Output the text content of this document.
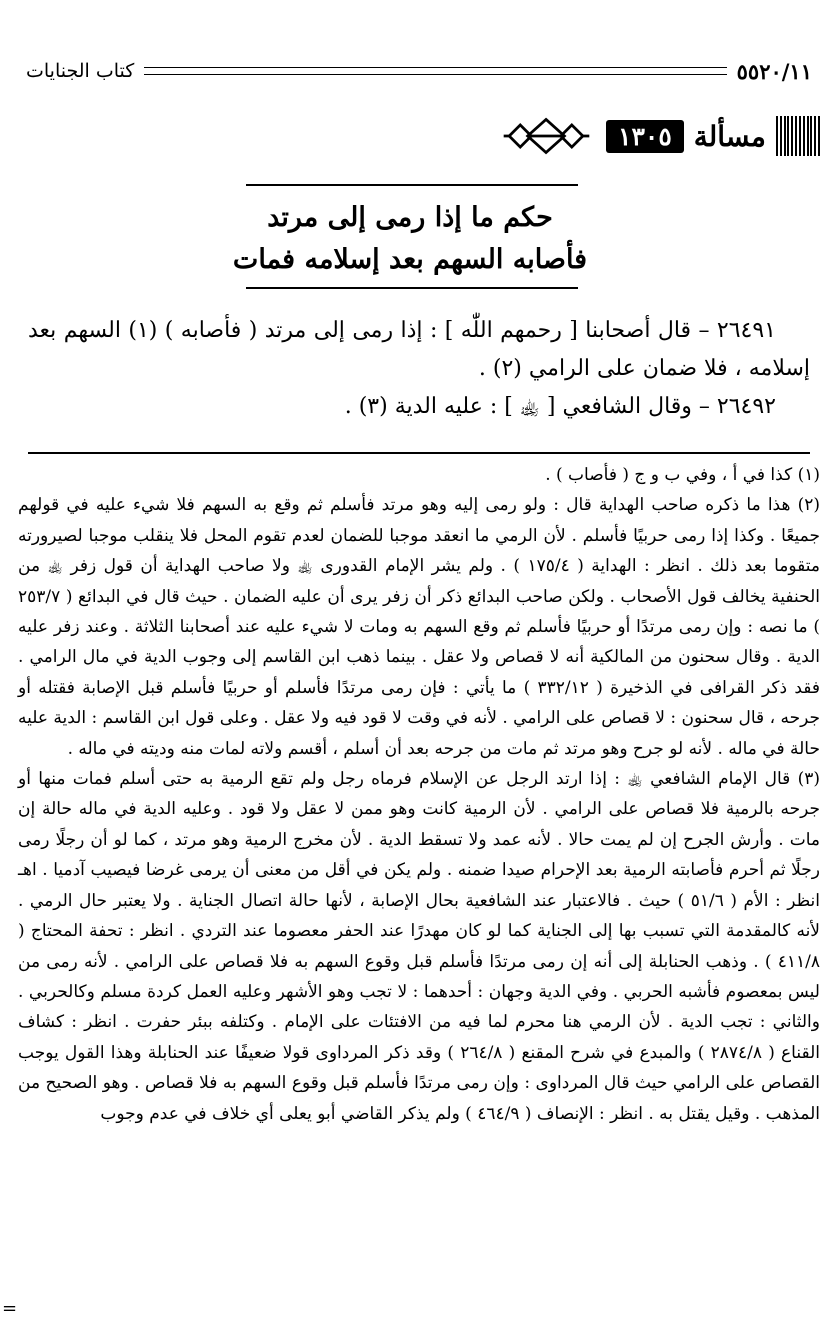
٥٥٢٠/١١
كتاب الجنايات
مسألة
١٣٠٥
حكم ما إذا رمى إلى مرتد
فأصابه السهم بعد إسلامه فمات

٢٦٤٩١ – قال أصحابنا [ رحمهم اللّٰه ] : إذا رمى إلى مرتد ( فأصابه ) (١) السهم بعد إسلامه ، فلا ضمان على الرامي (٢) .

٢٦٤٩٢ – وقال الشافعي [ ﵀ ] : عليه الدية (٣) .

(١) كذا في أ ، وفي ب و ج ( فأصاب ) .

(٢) هذا ما ذكره صاحب الهداية قال : ولو رمى إليه وهو مرتد فأسلم ثم وقع به السهم فلا شيء عليه في قولهم جميعًا . وكذا إذا رمى حربيًا فأسلم . لأن الرمي ما انعقد موجبا للضمان لعدم تقوم المحل فلا ينقلب موجبا لصيرورته متقوما بعد ذلك . انظر : الهداية ( ١٧٥/٤ ) . ولم يشر الإمام القدورى ﵀ ولا صاحب الهداية أن قول زفر ﵀ من الحنفية يخالف قول الأصحاب . ولكن صاحب البدائع ذكر أن زفر يرى أن عليه الضمان . حيث قال في البدائع ( ٢٥٣/٧ ) ما نصه : وإن رمى مرتدًا أو حربيًا فأسلم ثم وقع السهم به ومات لا شيء عليه عند أصحابنا الثلاثة . وعند زفر عليه الدية . وقال سحنون من المالكية أنه لا قصاص ولا عقل . بينما ذهب ابن القاسم إلى وجوب الدية في مال الرامي . فقد ذكر القرافى في الذخيرة ( ٣٣٢/١٢ ) ما يأتي : فإن رمى مرتدًا فأسلم أو حربيًا فأسلم قبل الإصابة فقتله أو جرحه ، قال سحنون : لا قصاص على الرامي . لأنه في وقت لا قود فيه ولا عقل . وعلى قول ابن القاسم : الدية عليه حالة في ماله . لأنه لو جرح وهو مرتد ثم مات من جرحه بعد أن أسلم ، أقسم ولاته لمات منه وديته في ماله .

(٣) قال الإمام الشافعي ﵀ : إذا ارتد الرجل عن الإسلام فرماه رجل ولم تقع الرمية به حتى أسلم فمات منها أو جرحه بالرمية فلا قصاص على الرامي . لأن الرمية كانت وهو ممن لا عقل ولا قود . وعليه الدية في ماله حالة إن مات . وأرش الجرح إن لم يمت حالا . لأنه عمد ولا تسقط الدية . لأن مخرج الرمية وهو مرتد ، كما لو أن رجلًا رمى رجلًا ثم أحرم فأصابته الرمية بعد الإحرام صيدا ضمنه . ولم يكن في أقل من معنى أن يرمى غرضا فيصيب آدميا . اهـ انظر : الأم ( ٥١/٦ ) حيث . فالاعتبار عند الشافعية بحال الإصابة ، لأنها حالة اتصال الجناية . ولا يعتبر حال الرمي . لأنه كالمقدمة التي تسبب بها إلى الجناية كما لو كان مهدرًا عند الحفر معصوما عند التردي . انظر : تحفة المحتاج ( ٤١١/٨ ) . وذهب الحنابلة إلى أنه إن رمى مرتدًا فأسلم قبل وقوع السهم به فلا قصاص على الرامي . لأنه رمى من ليس بمعصوم فأشبه الحربي . وفي الدية وجهان : أحدهما : لا تجب وهو الأشهر وعليه العمل كردة مسلم وكالحربي . والثاني : تجب الدية . لأن الرمي هنا محرم لما فيه من الافتئات على الإمام . وكتلفه ببئر حفرت . انظر : كشاف القناع ( ٢٨٧٤/٨ ) والمبدع في شرح المقنع ( ٢٦٤/٨ ) وقد ذكر المرداوى قولا ضعيفًا عند الحنابلة وهذا القول يوجب القصاص على الرامي حيث قال المرداوى : وإن رمى مرتدًا فأسلم قبل وقوع السهم به فلا قصاص . وهو الصحيح من المذهب . وقيل يقتل به . انظر : الإنصاف ( ٤٦٤/٩ ) ولم يذكر القاضي أبو يعلى أي خلاف في عدم وجوب

=
